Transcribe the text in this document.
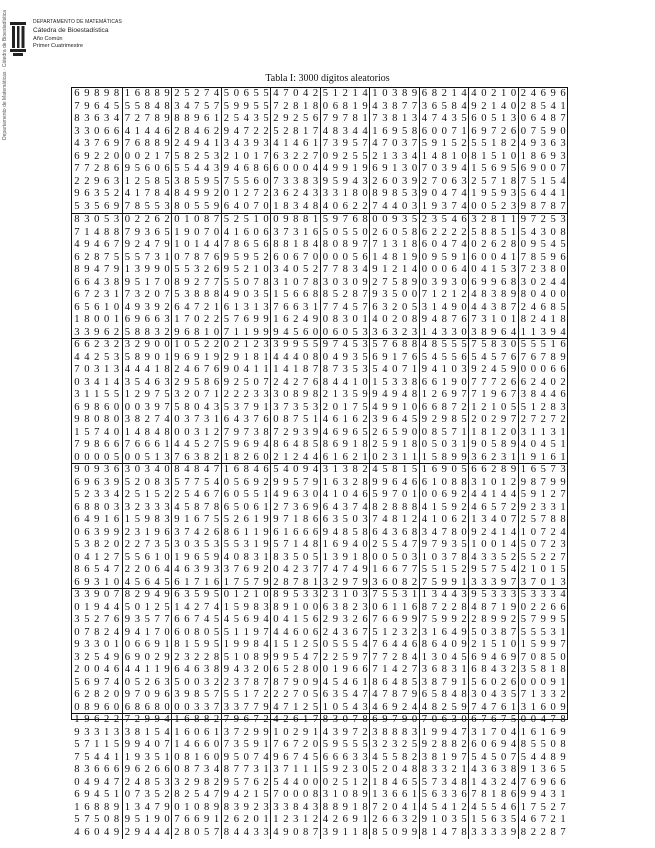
Departamento de Matemáticas · Cátedra de Bioestadística	DEPARTAMENTO DE MATEMÁTICAS
Cátedra de Bioestadística
Año Común
Primer Cuatrimestre
Tabla I: 3000 dígitos aleatorios
6 9 8 9 8 1 6 8 8 9 2 5 2 7 4 5 0 6 5 5 4 7 0 4 2 5 1 2 1 4 1 0 3 8 9 6 8 2 1 4 4 0 2 1 0 2 4 6 9 6
7 9 6 4 5 5 5 8 4 8 3 4 7 5 7 5 9 9 5 5 7 2 8 1 8 0 6 8 1 9 4 3 8 7 7 3 6 5 8 4 9 2 1 4 0 2 8 5 4 1
8 3 6 3 4 7 2 7 8 9 8 8 9 6 1 2 5 4 3 5 2 9 2 5 6 7 9 7 8 1 7 3 8 1 3 4 7 4 3 5 6 0 5 1 3 0 6 4 8 7
3 3 0 6 6 4 1 4 4 6 2 8 4 6 2 9 4 7 2 2 5 2 8 1 7 4 8 3 4 4 1 6 9 5 8 6 0 0 7 1 6 9 7 2 6 0 7 5 9 0
4 3 7 6 9 7 6 8 8 9 2 4 9 4 1 3 4 3 9 3 4 1 4 6 1 7 3 9 5 7 4 7 0 3 7 5 9 1 5 2 5 5 1 8 2 4 9 3 6 3
6 9 2 2 0 0 0 2 1 7 5 8 2 5 3 2 1 0 1 7 6 3 2 2 7 0 9 2 5 5 2 1 3 3 4 1 4 8 1 0 8 1 5 1 0 1 8 6 9 3
7 7 2 8 6 9 5 6 0 6 5 5 4 4 3 9 4 6 8 6 6 0 0 0 4 4 9 9 1 9 6 9 1 3 0 7 0 3 9 4 1 5 6 9 5 6 9 0 0 7
2 2 9 6 3 1 2 5 8 5 3 8 5 9 5 7 5 5 6 0 7 3 3 8 3 9 5 9 4 3 2 6 0 3 9 2 7 0 6 3 2 5 7 1 8 7 5 1 5 4
9 6 3 5 2 4 1 7 8 4 8 4 9 9 2 0 1 2 7 2 3 6 2 4 3 3 3 1 8 0 8 9 8 5 3 9 0 4 7 4 1 9 5 9 3 5 6 4 4 1
5 3 5 6 9 7 8 5 5 3 8 0 5 5 9 6 4 0 7 0 1 8 3 4 8 4 0 6 2 2 7 4 4 0 3 1 9 3 7 4 0 0 5 2 3 9 8 7 8 7
8 3 0 5 3 0 2 2 6 2 0 1 0 8 7 5 2 5 1 0 0 9 8 8 1 5 9 7 6 8 0 0 9 3 5 2 3 5 4 6 3 2 8 1 1 9 7 2 5 3
7 1 4 8 8 7 9 3 6 5 1 9 0 7 0 4 1 6 0 6 3 7 3 1 6 5 0 5 5 0 2 6 0 5 8 6 2 2 2 2 5 8 8 5 1 5 4 3 0 8
4 9 4 6 7 9 2 4 7 9 1 0 1 4 4 7 8 6 5 6 8 8 1 8 4 8 0 8 9 7 7 1 3 1 8 6 0 4 7 4 0 2 6 2 8 0 9 5 4 5
6 2 8 7 5 5 5 7 3 1 0 7 8 7 6 9 5 9 5 2 6 0 6 7 0 0 0 0 5 6 1 4 8 1 9 0 9 5 9 1 6 0 0 4 1 7 8 5 9 6
8 9 4 7 9 1 3 9 9 0 5 5 3 2 6 9 5 2 1 0 3 4 0 5 2 7 7 8 3 4 9 1 2 1 4 0 0 0 6 4 0 4 1 5 3 7 2 3 8 0
6 6 4 3 8 9 5 1 7 0 8 9 2 7 7 5 5 0 7 8 3 1 0 7 8 3 0 3 0 9 2 7 5 8 9 0 3 9 3 0 6 9 9 6 8 3 0 2 4 4
6 7 2 3 1 7 3 2 0 7 5 3 8 8 8 4 9 0 3 5 1 5 6 6 8 8 5 2 8 7 9 3 5 0 0 7 1 2 1 2 4 8 3 8 9 8 0 4 0 0
6 5 6 1 0 4 9 3 9 2 6 4 7 2 1 6 1 3 1 3 7 6 6 3 1 7 7 4 5 7 6 3 2 0 5 3 1 4 9 0 4 4 3 8 7 2 4 6 8 5
1 8 0 0 1 6 9 6 6 3 1 7 0 2 2 5 7 6 9 9 1 6 2 4 9 0 8 3 0 1 4 0 2 0 8 9 4 8 7 6 7 3 1 0 1 8 2 4 1 8
3 3 9 6 2 5 8 8 3 2 9 6 8 1 0 7 1 1 9 9 9 4 5 6 0 0 6 0 5 3 3 6 3 2 3 1 4 3 3 0 3 8 9 6 4 1 1 3 9 4
6 6 2 3 2 3 2 9 0 0 1 0 5 2 2 0 2 1 2 3 3 9 9 5 5 9 7 4 5 3 5 7 6 8 8 4 8 5 5 5 7 5 8 3 0 5 5 5 1 6
4 4 2 5 3 5 8 9 0 1 9 6 9 1 9 2 9 1 8 1 4 4 4 0 8 0 4 9 3 5 6 9 1 7 6 5 4 5 5 6 5 4 5 7 6 7 6 7 8 9
7 0 3 1 3 4 4 4 1 8 2 4 6 7 6 9 0 4 1 1 1 4 1 8 7 8 7 3 5 3 5 4 0 7 1 9 4 1 0 3 9 2 4 5 9 0 0 0 6 6
0 3 4 1 4 3 5 4 6 3 2 9 5 8 6 9 2 5 0 7 2 4 2 7 6 8 4 4 1 0 1 5 3 3 8 6 6 1 9 0 7 7 7 2 6 6 2 4 0 2
3 1 1 5 5 1 2 9 7 5 3 2 0 7 1 2 2 2 3 3 3 0 8 9 8 2 1 3 5 9 9 4 9 4 8 1 2 6 9 7 7 1 9 6 7 3 8 4 4 6
6 9 8 6 0 0 0 3 9 7 5 8 0 4 3 5 3 7 9 1 3 7 3 5 3 2 0 1 7 5 4 9 9 1 0 6 6 8 7 2 1 2 1 0 5 5 1 2 8 3
9 8 0 8 0 3 8 2 7 4 0 3 7 3 1 6 4 3 7 6 0 8 7 5 1 4 6 1 6 2 3 9 6 4 5 9 2 9 8 5 2 0 2 9 7 2 7 2 7 2
1 5 7 4 0 1 4 8 4 8 0 0 3 1 2 7 9 7 3 8 7 2 9 3 9 4 6 9 6 5 2 6 5 9 0 0 8 5 7 1 1 8 1 2 0 3 1 1 3 1
7 9 8 6 6 7 6 6 6 1 4 4 5 2 7 5 9 6 9 4 8 6 4 8 5 8 6 9 1 8 2 5 9 1 8 0 5 0 3 1 9 0 5 8 9 4 0 4 5 1
0 0 0 0 5 0 0 5 1 3 7 6 3 8 2 1 8 2 6 0 2 1 2 4 4 6 1 6 2 1 0 2 3 1 1 1 5 8 9 9 3 6 2 3 1 1 9 1 6 1
9 0 9 3 6 3 0 3 4 0 8 4 8 4 7 1 6 8 4 6 5 4 0 9 4 3 1 3 8 2 4 5 8 1 5 1 6 9 0 5 6 6 2 8 9 1 6 5 7 3
6 9 6 3 9 5 2 0 8 3 5 7 7 5 4 0 5 6 9 2 9 9 5 7 9 1 6 3 2 8 9 9 6 4 6 6 1 0 8 8 3 1 0 1 2 9 8 7 9 9
5 2 3 3 4 2 5 1 5 2 2 5 4 6 7 6 0 5 5 1 4 9 6 3 0 4 1 0 4 6 5 9 7 0 1 0 0 6 9 2 4 4 1 4 4 5 9 1 2 7
6 8 8 0 3 3 2 3 3 3 4 5 8 7 8 6 5 0 6 1 2 7 3 6 9 6 4 3 7 4 8 2 8 8 8 4 1 5 9 2 4 6 5 7 2 9 2 3 3 1
6 4 9 1 6 1 5 9 8 3 9 1 6 7 5 5 2 6 1 9 9 7 1 8 6 6 3 5 0 3 7 4 8 1 2 4 1 0 6 2 1 3 4 0 7 2 5 7 8 8
0 6 3 9 9 2 3 1 9 6 3 7 4 2 6 8 6 1 1 9 6 1 6 6 6 9 4 8 5 8 6 4 3 6 8 3 4 7 8 0 9 2 4 1 4 1 0 7 2 4
5 3 8 2 0 2 2 7 3 5 3 0 3 5 3 5 5 3 1 9 5 7 1 4 8 1 6 9 4 0 2 5 5 4 7 9 7 9 3 5 1 0 0 1 4 5 0 7 2 3
0 4 1 2 7 5 5 6 1 0 1 9 6 5 9 4 0 8 3 1 8 3 5 0 5 1 3 9 1 8 0 0 5 0 3 1 0 3 7 8 4 3 3 5 2 5 5 2 2 7
8 6 5 4 7 2 2 0 6 4 4 6 3 9 3 3 7 6 9 2 0 4 2 3 7 7 4 7 4 9 1 6 6 7 7 5 5 1 5 2 9 5 7 5 4 2 1 0 1 5
6 9 3 1 0 4 5 6 4 5 6 1 7 1 6 1 7 5 7 9 2 8 7 8 1 3 2 9 7 9 3 6 0 8 2 7 5 9 9 1 3 3 3 9 7 3 7 0 1 3
3 3 9 0 7 8 2 9 4 9 6 3 5 9 5 0 1 2 1 0 8 9 5 3 3 2 3 1 0 3 7 5 5 3 1 1 3 4 4 3 9 5 3 3 3 5 3 3 3 4
0 1 9 4 4 5 0 1 2 5 1 4 2 7 4 1 5 9 8 3 8 9 1 0 0 6 3 8 2 3 0 6 1 1 6 8 7 2 2 8 4 8 7 1 9 0 2 2 6 6
3 5 2 7 6 9 3 5 7 7 6 6 7 4 5 4 5 6 9 4 0 4 1 5 6 2 9 3 2 6 7 6 6 9 9 7 5 9 9 2 2 8 9 9 2 5 7 9 9 5
0 7 8 2 4 9 4 1 7 0 6 0 8 0 5 5 1 1 9 7 4 4 6 0 6 2 4 3 6 7 5 1 2 3 2 3 1 6 4 9 5 0 3 8 7 5 5 5 3 1
9 3 3 0 1 0 6 6 9 1 8 1 5 9 5 1 9 9 8 4 1 5 1 2 5 0 5 5 5 4 7 6 4 4 6 8 6 4 0 9 2 1 5 1 0 1 5 9 9 7
3 2 5 4 9 6 9 0 2 9 2 3 2 2 8 5 1 0 8 9 9 9 5 4 7 2 2 5 9 7 7 7 2 8 4 1 3 0 4 5 6 9 4 6 9 7 0 8 5 0
2 0 0 4 6 4 4 1 1 9 6 4 6 3 8 9 4 3 2 0 6 5 2 8 0 0 1 9 6 6 7 1 4 2 7 3 6 8 3 1 6 8 4 3 2 3 5 8 1 8
5 6 9 7 4 0 5 2 6 3 5 0 0 3 2 2 3 7 8 7 8 7 9 0 9 4 5 4 6 1 8 6 4 8 5 3 8 7 9 1 5 6 0 2 6 0 0 0 9 1
6 2 8 2 0 9 7 0 9 6 3 9 8 5 7 5 5 1 7 2 2 2 7 0 5 6 3 5 4 7 4 7 8 7 9 6 5 8 4 8 3 0 4 3 5 7 1 3 3 2
0 8 9 6 0 6 8 6 8 0 0 0 3 3 7 3 3 7 7 9 4 7 1 2 5 1 0 5 4 3 4 6 9 2 4 4 8 2 5 9 7 4 7 6 1 3 1 6 0 9
1 9 6 2 2 7 2 9 9 4 1 6 8 8 2 7 9 6 7 2 4 2 6 1 7 8 3 0 7 8 6 9 7 9 0 7 0 6 3 0 6 7 6 7 5 0 0 4 7 8
9 3 3 1 3 3 8 1 5 4 1 6 0 6 1 3 7 2 9 9 1 0 2 9 1 4 3 9 7 2 3 8 8 8 3 1 9 9 4 7 3 1 7 0 4 1 6 1 6 9
5 7 1 1 5 9 9 4 0 7 1 4 6 6 0 7 3 5 9 1 7 6 7 2 0 5 9 5 5 5 3 2 3 2 5 9 2 8 8 2 6 0 6 9 4 8 5 5 0 8
7 5 4 4 1 1 9 3 5 1 0 8 1 6 0 9 5 0 7 4 9 6 7 4 5 6 6 6 3 3 4 5 5 8 2 3 8 1 9 7 5 4 5 0 7 5 4 4 8 9
8 3 6 6 6 9 6 2 6 6 0 8 7 3 4 8 7 7 3 1 3 7 1 1 1 5 9 2 3 0 5 2 0 4 8 8 3 3 2 1 4 3 6 3 8 9 1 3 6 5
0 4 9 4 7 2 4 8 5 3 3 2 9 8 2 9 5 7 6 2 5 4 4 0 0 0 2 5 1 2 1 8 4 6 5 5 7 3 4 8 1 4 3 2 4 7 6 9 6 6
6 9 4 5 1 0 7 3 5 2 8 2 5 4 7 9 4 2 1 5 7 0 0 0 8 3 1 0 8 9 1 3 6 6 1 5 6 3 3 6 7 8 1 8 6 9 9 4 3 1
1 6 8 8 9 1 3 4 7 9 0 1 0 8 9 8 3 9 2 3 3 3 8 4 3 8 8 9 1 8 7 2 0 4 1 4 5 4 1 2 4 5 5 4 6 1 7 5 2 7
5 7 5 0 8 9 5 1 9 0 7 6 6 9 1 2 6 2 0 1 1 2 3 1 2 4 2 6 9 1 2 6 6 3 2 9 1 0 3 5 1 5 6 3 5 4 6 7 2 1
4 6 0 4 9 2 9 4 4 4 2 8 0 5 7 8 4 4 3 3 4 9 0 8 7 3 9 1 1 8 8 5 0 9 9 8 1 4 7 8 3 3 3 3 9 8 2 2 8 7
